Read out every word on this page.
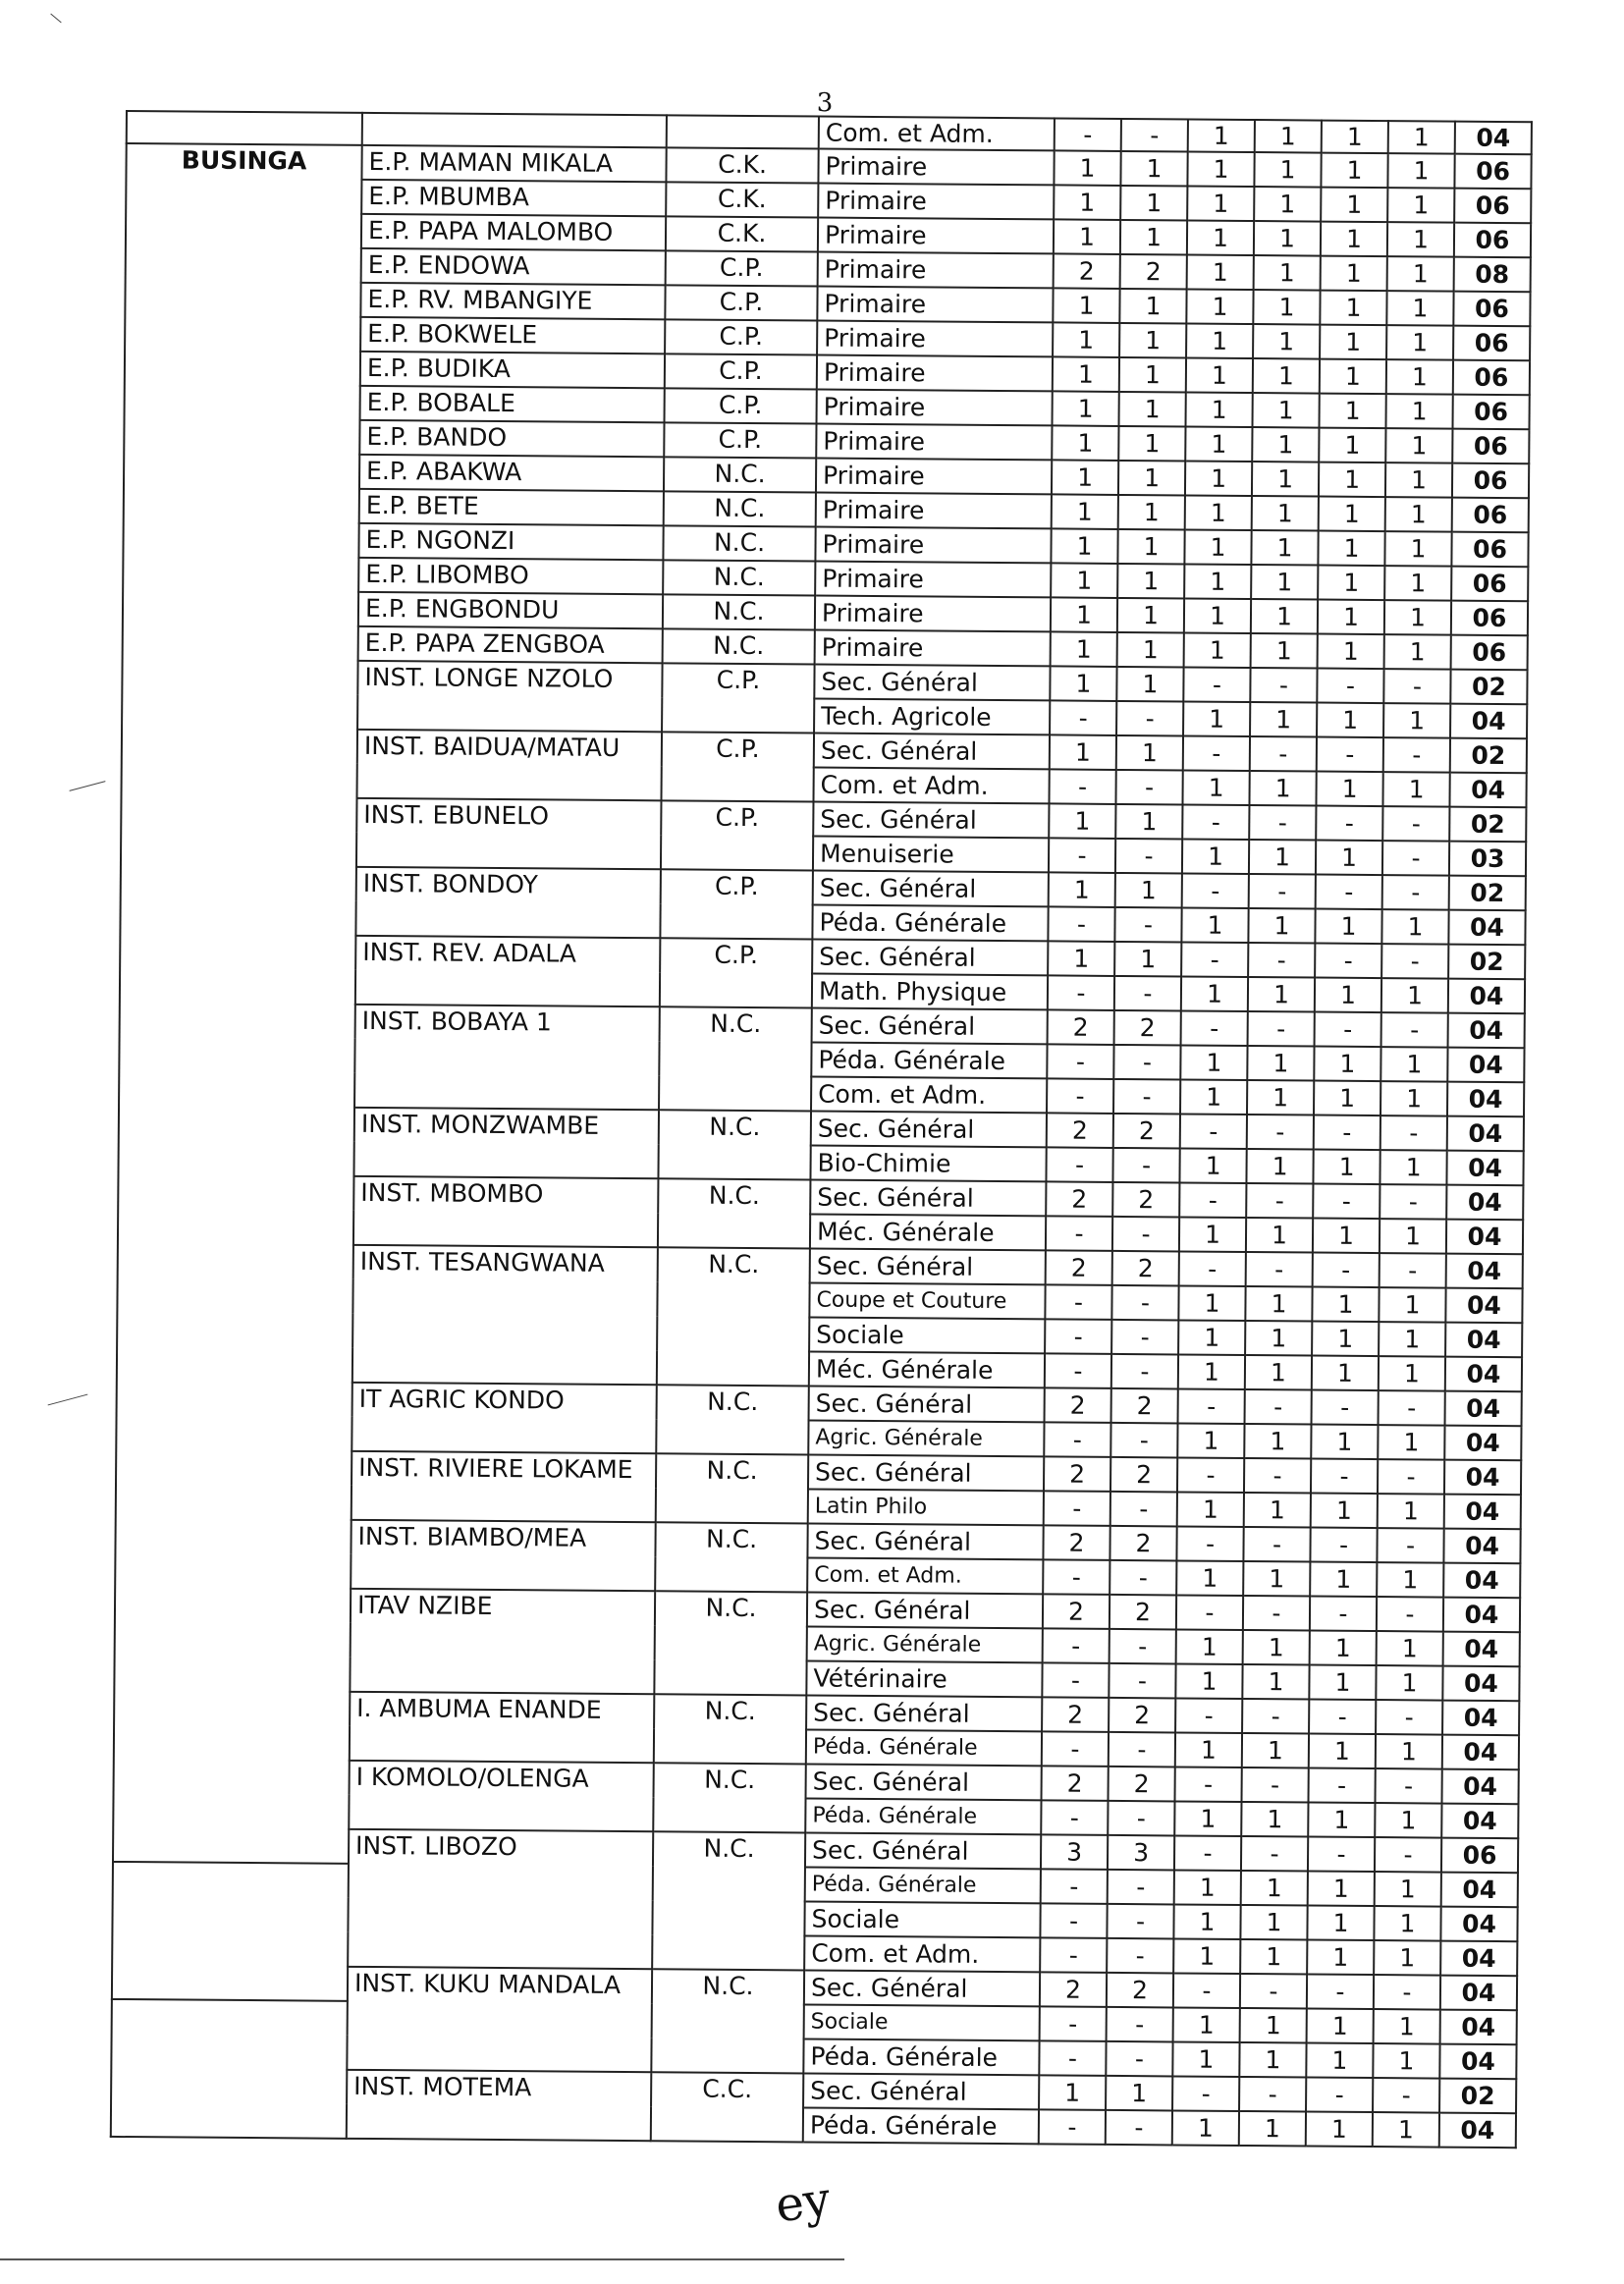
3
			Com. et Adm.	-	-	1	1	1	1	04
BUSINGA	E.P. MAMAN MIKALA	C.K.	Primaire	1	1	1	1	1	1	06
	E.P. MBUMBA	C.K.	Primaire	1	1	1	1	1	1	06
	E.P. PAPA MALOMBO	C.K.	Primaire	1	1	1	1	1	1	06
	E.P. ENDOWA	C.P.	Primaire	2	2	1	1	1	1	08
	E.P. RV. MBANGIYE	C.P.	Primaire	1	1	1	1	1	1	06
	E.P. BOKWELE	C.P.	Primaire	1	1	1	1	1	1	06
	E.P. BUDIKA	C.P.	Primaire	1	1	1	1	1	1	06
	E.P. BOBALE	C.P.	Primaire	1	1	1	1	1	1	06
	E.P. BANDO	C.P.	Primaire	1	1	1	1	1	1	06
	E.P. ABAKWA	N.C.	Primaire	1	1	1	1	1	1	06
	E.P. BETE	N.C.	Primaire	1	1	1	1	1	1	06
	E.P. NGONZI	N.C.	Primaire	1	1	1	1	1	1	06
	E.P. LIBOMBO	N.C.	Primaire	1	1	1	1	1	1	06
	E.P. ENGBONDU	N.C.	Primaire	1	1	1	1	1	1	06
	E.P. PAPA ZENGBOA	N.C.	Primaire	1	1	1	1	1	1	06
	INST. LONGE NZOLO	C.P.	Sec. Général	1	1	-	-	-	-	02
			Tech. Agricole	-	-	1	1	1	1	04
	INST. BAIDUA/MATAU	C.P.	Sec. Général	1	1	-	-	-	-	02
			Com. et Adm.	-	-	1	1	1	1	04
	INST. EBUNELO	C.P.	Sec. Général	1	1	-	-	-	-	02
			Menuiserie	-	-	1	1	1	-	03
	INST. BONDOY	C.P.	Sec. Général	1	1	-	-	-	-	02
			Péda. Générale	-	-	1	1	1	1	04
	INST. REV. ADALA	C.P.	Sec. Général	1	1	-	-	-	-	02
			Math. Physique	-	-	1	1	1	1	04
	INST. BOBAYA 1	N.C.	Sec. Général	2	2	-	-	-	-	04
			Péda. Générale	-	-	1	1	1	1	04
			Com. et Adm.	-	-	1	1	1	1	04
	INST. MONZWAMBE	N.C.	Sec. Général	2	2	-	-	-	-	04
			Bio-Chimie	-	-	1	1	1	1	04
	INST. MBOMBO	N.C.	Sec. Général	2	2	-	-	-	-	04
			Méc. Générale	-	-	1	1	1	1	04
	INST. TESANGWANA	N.C.	Sec. Général	2	2	-	-	-	-	04
			Coupe et Couture	-	-	1	1	1	1	04
			Sociale	-	-	1	1	1	1	04
			Méc. Générale	-	-	1	1	1	1	04
	IT AGRIC KONDO	N.C.	Sec. Général	2	2	-	-	-	-	04
			Agric. Générale	-	-	1	1	1	1	04
	INST. RIVIERE LOKAME	N.C.	Sec. Général	2	2	-	-	-	-	04
			Latin Philo	-	-	1	1	1	1	04
	INST. BIAMBO/MEA	N.C.	Sec. Général	2	2	-	-	-	-	04
			Com. et Adm.	-	-	1	1	1	1	04
	ITAV NZIBE	N.C.	Sec. Général	2	2	-	-	-	-	04
			Agric. Générale	-	-	1	1	1	1	04
			Vétérinaire	-	-	1	1	1	1	04
	I. AMBUMA ENANDE	N.C.	Sec. Général	2	2	-	-	-	-	04
			Péda. Générale	-	-	1	1	1	1	04
	I KOMOLO/OLENGA	N.C.	Sec. Général	2	2	-	-	-	-	04
			Péda. Générale	-	-	1	1	1	1	04
	INST. LIBOZO	N.C.	Sec. Général	3	3	-	-	-	-	06
			Péda. Générale	-	-	1	1	1	1	04
			Sociale	-	-	1	1	1	1	04
			Com. et Adm.	-	-	1	1	1	1	04
	INST. KUKU MANDALA	N.C.	Sec. Général	2	2	-	-	-	-	04
			Sociale	-	-	1	1	1	1	04
			Péda. Générale	-	-	1	1	1	1	04
	INST. MOTEMA	C.C.	Sec. Général	1	1	-	-	-	-	02
			Péda. Générale	-	-	1	1	1	1	04
ey
